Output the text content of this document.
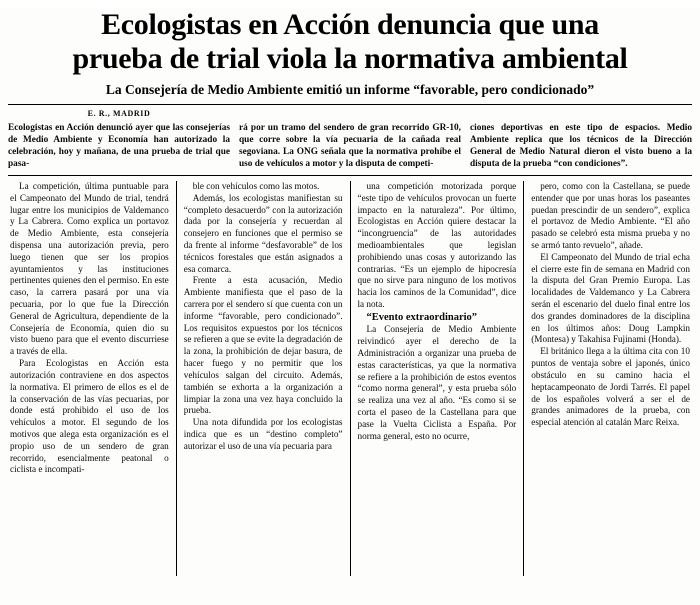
Ecologistas en Acción denuncia que una
prueba de trial viola la normativa ambiental
La Consejería de Medio Ambiente emitió un informe “favorable, pero condicionado”
E. R., MADRID

Ecologistas en Acción denunció ayer que las consejerías de Medio Ambiente y Economía han autorizado la celebración, hoy y mañana, de una prueba de trial que pasa-

rá por un tramo del sendero de gran recorrido GR-10, que corre sobre la vía pecuaria de la cañada real segoviana. La ONG señala que la normativa prohíbe el uso de vehículos a motor y la disputa de competi-

ciones deportivas en este tipo de espacios. Medio Ambiente replica que los técnicos de la Dirección General de Medio Natural dieron el visto bueno a la disputa de la prueba “con condiciones”.

La competición, última puntuable para el Campeonato del Mundo de trial, tendrá lugar entre los municipios de Valdemanco y La Cabrera. Como explica un portavoz de Medio Ambiente, esta consejería dispensa una autorización previa, pero luego tienen que ser los propios ayuntamientos y las instituciones pertinentes quienes den el permiso. En este caso, la carrera pasará por una vía pecuaria, por lo que fue la Dirección General de Agricultura, dependiente de la Consejería de Economía, quien dio su visto bueno para que el evento discurriese a través de ella.

Para Ecologistas en Acción esta autorización contraviene en dos aspectos la normativa. El primero de ellos es el de la conservación de las vías pecuarias, por donde está prohibido el uso de los vehículos a motor. El segundo de los motivos que alega esta organización es el propio uso de un sendero de gran recorrido, esencialmente peatonal o ciclista e incompati-

ble con vehículos como las motos.

Además, los ecologistas manifiestan su “completo desacuerdo” con la autorización dada por la consejería y recuerdan al consejero en funciones que el permiso se da frente al informe “desfavorable” de los técnicos forestales que están asignados a esa comarca.

Frente a esta acusación, Medio Ambiente manifiesta que el paso de la carrera por el sendero sí que cuenta con un informe “favorable, pero condicionado”. Los requisitos expuestos por los técnicos se refieren a que se evite la degradación de la zona, la prohibición de dejar basura, de hacer fuego y no permitir que los vehículos salgan del circuito. Además, también se exhorta a la organización a limpiar la zona una vez haya concluido la prueba.

Una nota difundida por los ecologistas indica que es un “destino completo” autorizar el uso de una vía pecuaria para

una competición motorizada porque “este tipo de vehículos provocan un fuerte impacto en la naturaleza”. Por último, Ecologistas en Acción quiere destacar la “incongruencia” de las autoridades medioambientales que legislan prohibiendo unas cosas y autorizando las contrarias. “Es un ejemplo de hipocresía que no sirve para ninguno de los motivos hacia los caminos de la Comunidad”, dice la nota.

“Evento extraordinario”

La Consejería de Medio Ambiente reivindicó ayer el derecho de la Administración a organizar una prueba de estas características, ya que la normativa se refiere a la prohibición de estos eventos “como norma general”, y esta prueba sólo se realiza una vez al año. “Es como si se corta el paseo de la Castellana para que pase la Vuelta Ciclista a España. Por norma general, esto no ocurre,

pero, como con la Castellana, se puede entender que por unas horas los paseantes puedan prescindir de un sendero”, explica el portavoz de Medio Ambiente. “El año pasado se celebró esta misma prueba y no se armó tanto revuelo”, añade.

El Campeonato del Mundo de trial echa el cierre este fin de semana en Madrid con la disputa del Gran Premio Europa. Las localidades de Valdemanco y La Cabrera serán el escenario del duelo final entre los dos grandes dominadores de la disciplina en los últimos años: Doug Lampkin (Montesa) y Takahisa Fujinami (Honda).

El británico llega a la última cita con 10 puntos de ventaja sobre el japonés, único obstáculo en su camino hacia el heptacampeonato de Jordi Tarrés. El papel de los españoles volverá a ser el de grandes animadores de la prueba, con especial atención al catalán Marc Reixa.
